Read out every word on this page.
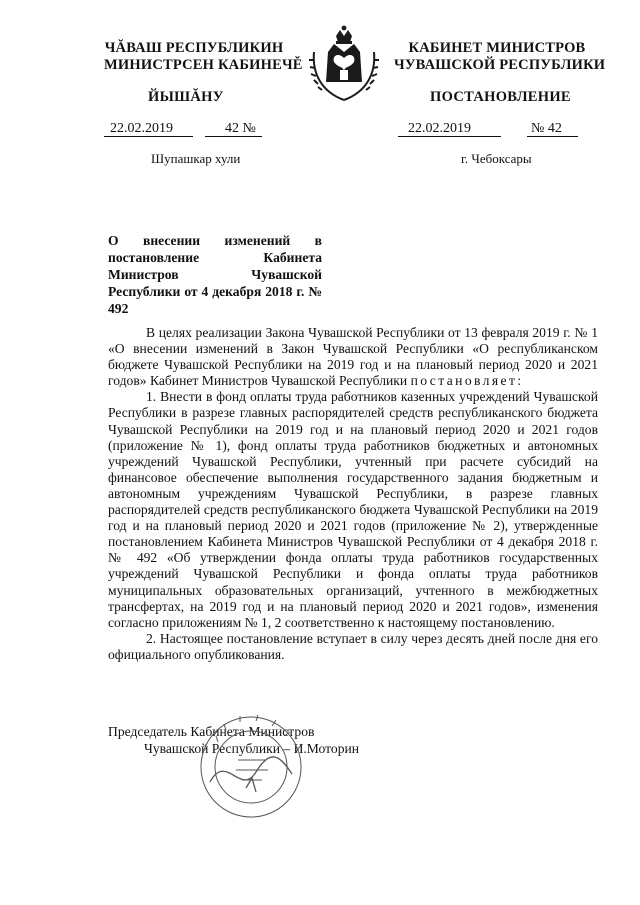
ЧĂВАШ РЕСПУБЛИКИН
МИНИСТРСЕН КАБИНЕЧĚ
ЙЫШĂНУ
КАБИНЕТ МИНИСТРОВ
ЧУВАШСКОЙ РЕСПУБЛИКИ
ПОСТАНОВЛЕНИЕ
22.02.2019	42 №	22.02.2019	№ 42
Шупашкар хули	г. Чебоксары
О внесении изменений в постановление Кабинета Министров Чувашской Республики от 4 декабря 2018 г. № 492

В целях реализации Закона Чувашской Республики от 13 февраля 2019 г. № 1 «О внесении изменений в Закон Чувашской Республики «О республиканском бюджете Чувашской Республики на 2019 год и на плановый период 2020 и 2021 годов» Кабинет Министров Чувашской Республики постановляет:

1. Внести в фонд оплаты труда работников казенных учреждений Чувашской Республики в разрезе главных распорядителей средств республиканского бюджета Чувашской Республики на 2019 год и на плановый период 2020 и 2021 годов (приложение № 1), фонд оплаты труда работников бюджетных и автономных учреждений Чувашской Республики, учтенный при расчете субсидий на финансовое обеспечение выполнения государственного задания бюджетным и автономным учреждениям Чувашской Республики, в разрезе главных распорядителей средств республиканского бюджета Чувашской Республики на 2019 год и на плановый период 2020 и 2021 годов (приложение № 2), утвержденные постановлением Кабинета Министров Чувашской Республики от 4 декабря 2018 г. № 492 «Об утверждении фонда оплаты труда работников государственных учреждений Чувашской Республики и фонда оплаты труда работников муниципальных образовательных организаций, учтенного в межбюджетных трансфертах, на 2019 год и на плановый период 2020 и 2021 годов», изменения согласно приложениям № 1, 2 соответственно к настоящему постановлению.

2. Настоящее постановление вступает в силу через десять дней после дня его официального опубликования.

Председатель Кабинета Министров
Чувашской Республики – И.Моторин
